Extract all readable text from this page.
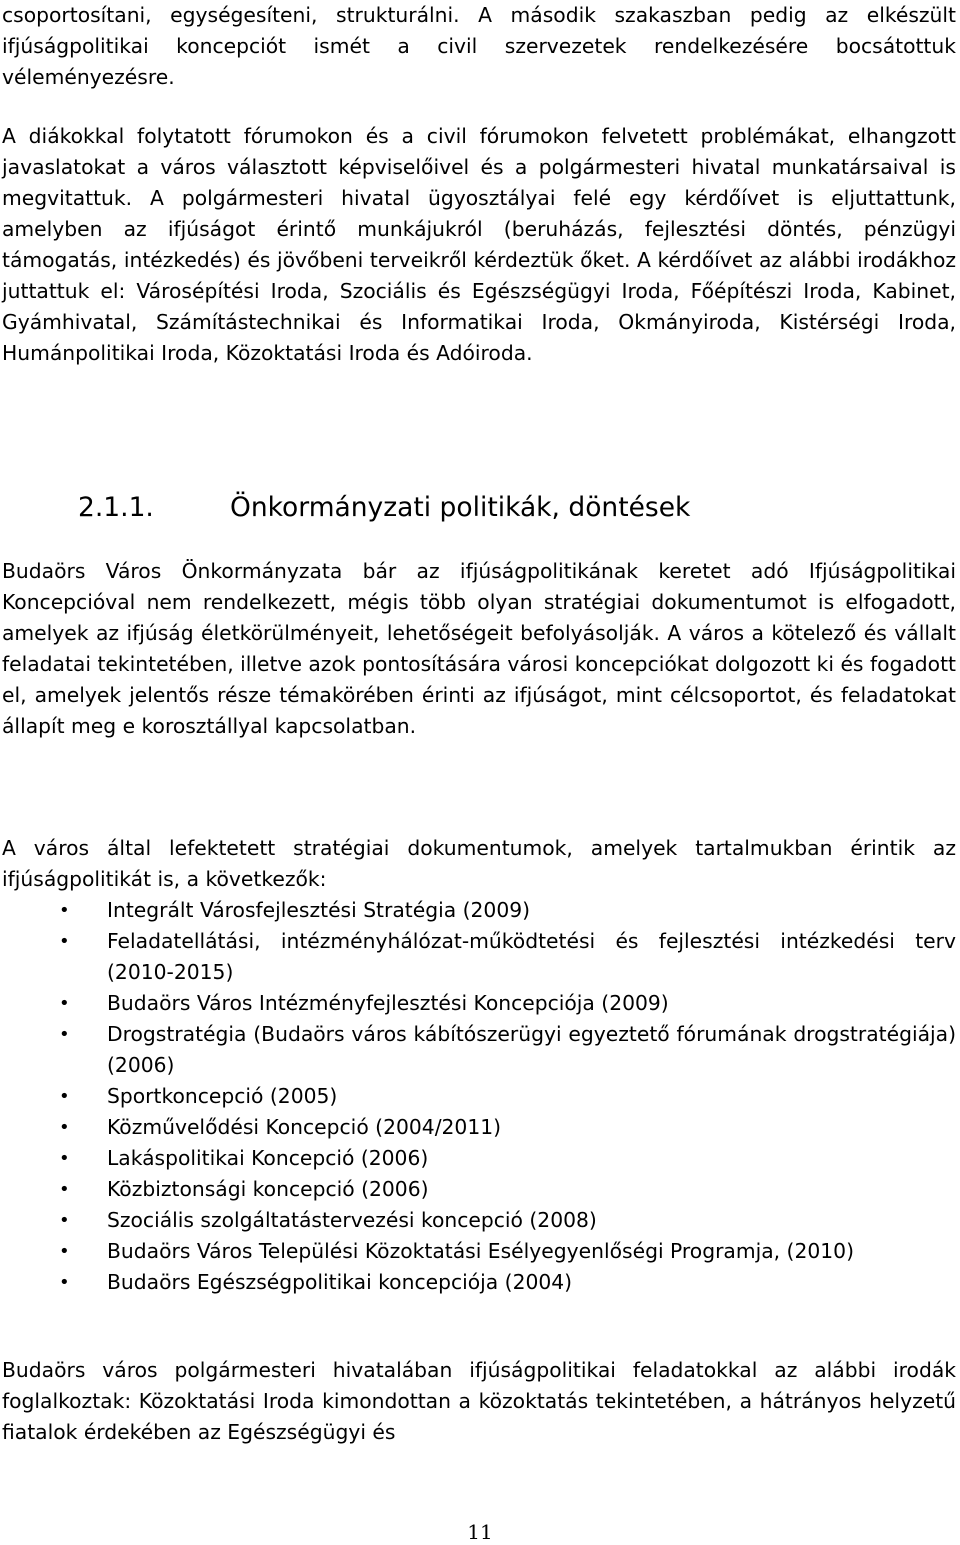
csoportosítani, egységesíteni, strukturálni. A második szakaszban pedig az elkészült ifjúságpolitikai koncepciót ismét a civil szervezetek rendelkezésére bocsátottuk véleményezésre.

A diákokkal folytatott fórumokon és a civil fórumokon felvetett problémákat, elhangzott javaslatokat a város választott képviselőivel és a polgármesteri hivatal munkatársaival is megvitattuk. A polgármesteri hivatal ügyosztályai felé egy kérdőívet is eljuttattunk, amelyben az ifjúságot érintő munkájukról (beruházás, fejlesztési döntés, pénzügyi támogatás, intézkedés) és jövőbeni terveikről kérdeztük őket. A kérdőívet az alábbi irodákhoz juttattuk el: Városépítési Iroda, Szociális és Egészségügyi Iroda, Főépítészi Iroda, Kabinet, Gyámhivatal, Számítástechnikai és Informatikai Iroda, Okmányiroda, Kistérségi Iroda, Humánpolitikai Iroda, Közoktatási Iroda és Adóiroda.

2.1.1.	Önkormányzati politikák, döntések

Budaörs Város Önkormányzata bár az ifjúságpolitikának keretet adó Ifjúságpolitikai Koncepcióval nem rendelkezett, mégis több olyan stratégiai dokumentumot is elfogadott, amelyek az ifjúság életkörülményeit, lehetőségeit befolyásolják. A város a kötelező és vállalt feladatai tekintetében, illetve azok pontosítására városi koncepciókat dolgozott ki és fogadott el, amelyek jelentős része témakörében érinti az ifjúságot, mint célcsoportot, és feladatokat állapít meg e korosztállyal kapcsolatban.

A város által lefektetett stratégiai dokumentumok, amelyek tartalmukban érintik az ifjúságpolitikát is, a következők:

•	Integrált Városfejlesztési Stratégia (2009)
•	Feladatellátási, intézményhálózat-működtetési és fejlesztési intézkedési terv (2010-2015)
•	Budaörs Város Intézményfejlesztési Koncepciója (2009)
•	Drogstratégia (Budaörs város kábítószerügyi egyeztető fórumának drogstratégiája) (2006)
•	Sportkoncepció (2005)
•	Közművelődési Koncepció (2004/2011)
•	Lakáspolitikai Koncepció (2006)
•	Közbiztonsági koncepció (2006)
•	Szociális szolgáltatástervezési koncepció (2008)
•	Budaörs Város Települési Közoktatási Esélyegyenlőségi Programja, (2010)
•	Budaörs Egészségpolitikai koncepciója (2004)

Budaörs város polgármesteri hivatalában ifjúságpolitikai feladatokkal az alábbi irodák foglalkoztak: Közoktatási Iroda kimondottan a közoktatás tekintetében, a hátrányos helyzetű fiatalok érdekében az Egészségügyi és

11
